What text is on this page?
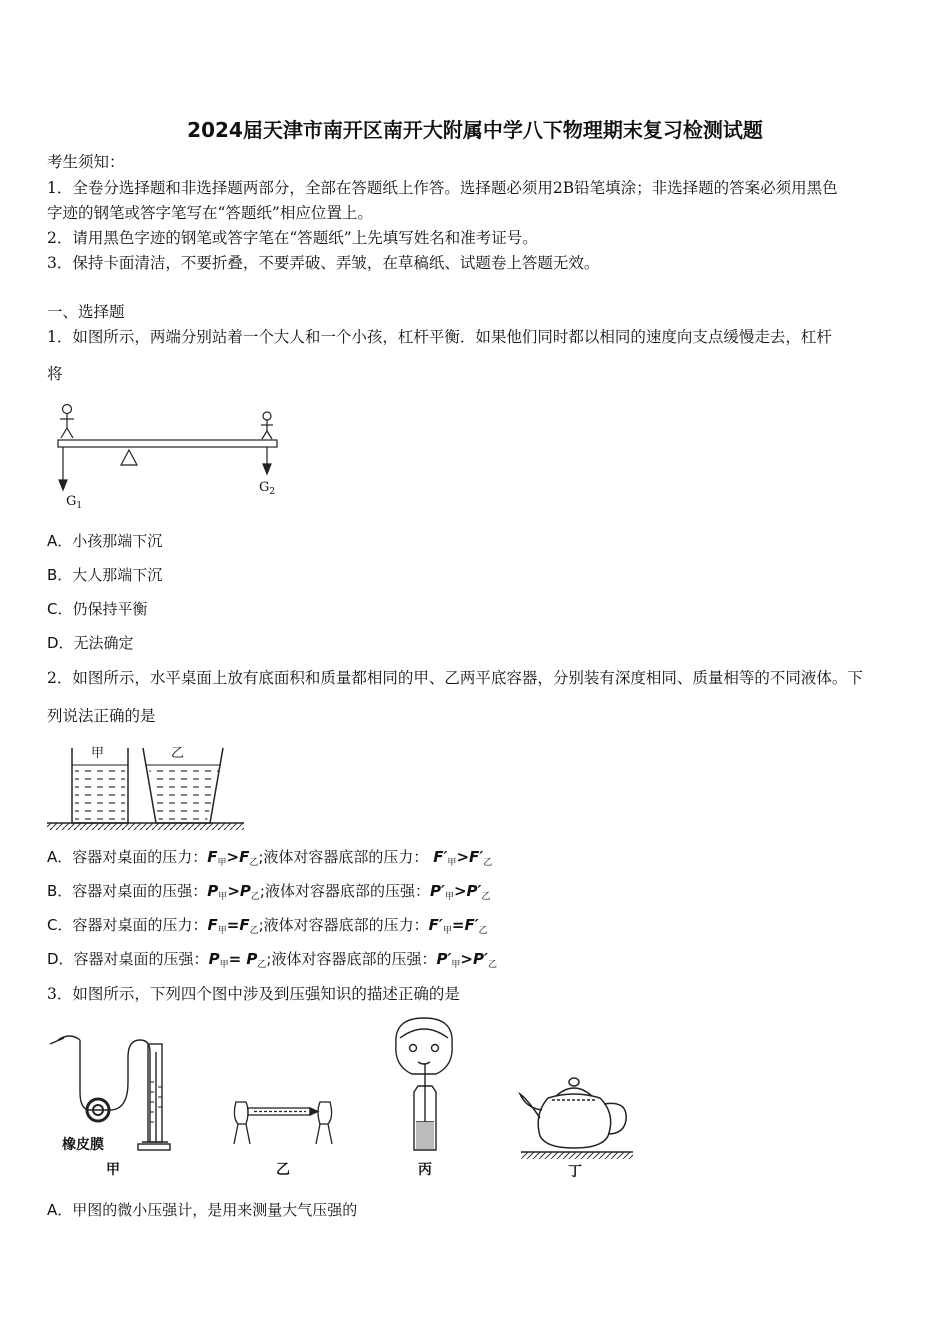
2024届天津市南开区南开大附属中学八下物理期末复习检测试题
考生须知：
1．全卷分选择题和非选择题两部分，全部在答题纸上作答。选择题必须用2B铅笔填涂；非选择题的答案必须用黑色
字迹的钢笔或答字笔写在“答题纸”相应位置上。
2．请用黑色字迹的钢笔或答字笔在“答题纸”上先填写姓名和准考证号。
3．保持卡面清洁，不要折叠，不要弄破、弄皱，在草稿纸、试题卷上答题无效。
一、选择题
1．如图所示，两端分别站着一个大人和一个小孩，杠杆平衡．如果他们同时都以相同的速度向支点缓慢走去，杠杆
将
$G_1$
$G_2$
A．小孩那端下沉
B．大人那端下沉
C．仍保持平衡
D．无法确定
2．如图所示，水平桌面上放有底面积和质量都相同的甲、乙两平底容器，分别装有深度相同、质量相等的不同液体。下
列说法正确的是
甲	乙
A．容器对桌面的压力：$F_甲>F_乙$;液体对容器底部的压力： $F'_甲>F'_乙$
B．容器对桌面的压强：$P_甲>P_乙$;液体对容器底部的压强：$P'_甲>P'_乙$
C．容器对桌面的压力：$F_甲=F_乙$;液体对容器底部的压力：$F'_甲=F'_乙$
D．容器对桌面的压强：$P_甲= P_乙$;液体对容器底部的压强：$P'_甲>P'_乙$
3．如图所示，下列四个图中涉及到压强知识的描述正确的是
橡皮膜
甲	乙	丙	丁
A．甲图的微小压强计，是用来测量大气压强的
